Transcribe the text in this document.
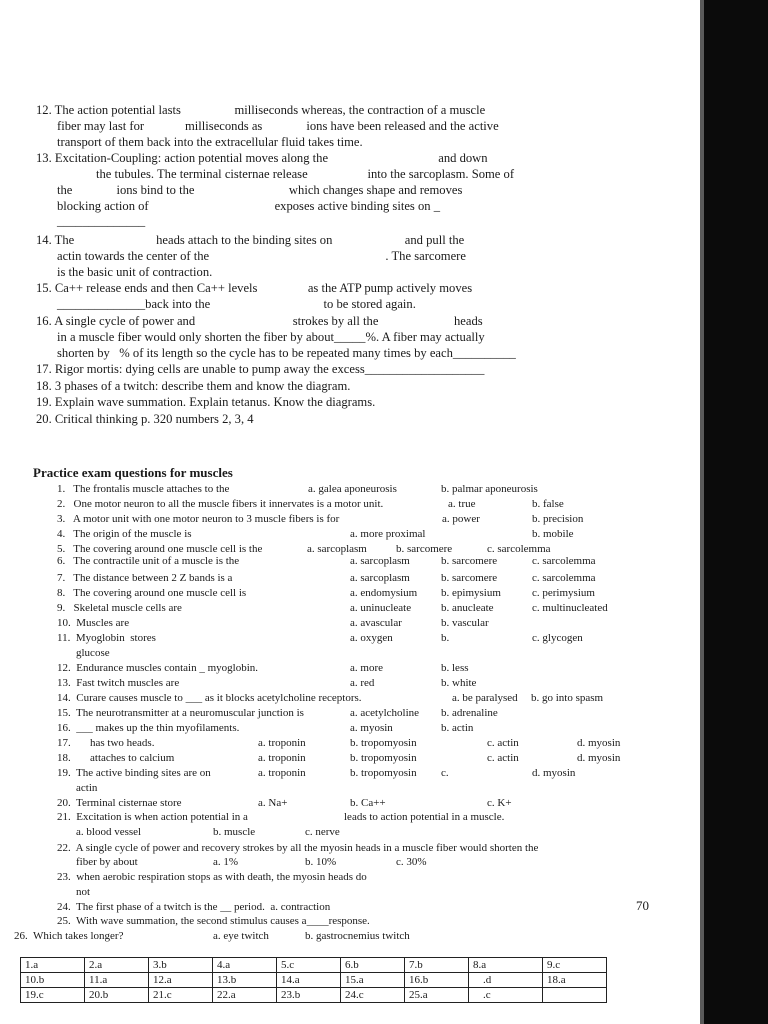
12. The action potential lasts                 milliseconds whereas, the contraction of a muscle
fiber may last for             milliseconds as              ions have been released and the active
transport of them back into the extracellular fluid takes time.
13. Excitation-Coupling: action potential moves along the                                   and down
the tubules. The terminal cisternae release                   into the sarcoplasm. Some of
the              ions bind to the                              which changes shape and removes
blocking action of                                        exposes active binding sites on _
______________
14. The                          heads attach to the binding sites on                       and pull the
actin towards the center of the                                                        . The sarcomere
is the basic unit of contraction.
15. Ca++ release ends and then Ca++ levels                as the ATP pump actively moves
______________back into the                                    to be stored again.
16. A single cycle of power and                               strokes by all the                        heads
in a muscle fiber would only shorten the fiber by about_____%. A fiber may actually
shorten by   % of its length so the cycle has to be repeated many times by each__________
17. Rigor mortis: dying cells are unable to pump away the excess___________________
18. 3 phases of a twitch: describe them and know the diagram.
19. Explain wave summation. Explain tetanus. Know the diagrams.
20. Critical thinking p. 320 numbers 2, 3, 4
Practice exam questions for muscles
1.   The frontalis muscle attaches to the	a. galea aponeurosis	b. palmar aponeurosis
2.   One motor neuron to all the muscle fibers it innervates is a motor unit.	a. true	b. false
3.   A motor unit with one motor neuron to 3 muscle fibers is for	a. power	b. precision
4.   The origin of the muscle is	a. more proximal	b. mobile
5.   The covering around one muscle cell is the	a. sarcoplasm	b. sarcomere	c. sarcolemma
6.   The contractile unit of a muscle is the	a. sarcoplasm	b. sarcomere	c. sarcolemma
7.   The distance between 2 Z bands is a	a. sarcoplasm	b. sarcomere	c. sarcolemma
8.   The covering around one muscle cell is	a. endomysium b. epimysium	c. perimysium
9.   Skeletal muscle cells are	a. uninucleate	b. anucleate	c. multinucleated
10.  Muscles are	a. avascular	b. vascular
11.  Myoglobin  stores	a. oxygen	b.	c. glycogen
glucose
12.  Endurance muscles contain _ myoglobin.	a. more	b. less
13.  Fast twitch muscles are	a. red	b. white
14.  Curare causes muscle to ___ as it blocks acetylcholine receptors.	a. be paralysed b. go into spasm
15.  The neurotransmitter at a neuromuscular junction is	a. acetylcholine b. adrenaline
16.  ___ makes up the thin myofilaments.	a. myosin	b. actin
17.       has two heads.	a. troponin	b. tropomyosin	c. actin	d. myosin
18.       attaches to calcium	a. troponin	b. tropomyosin	c. actin	d. myosin
19.  The active binding sites are on	a. troponin	b. tropomyosin c.	d. myosin
actin
20.  Terminal cisternae store	a. Na+	b. Ca++	c. K+
21.  Excitation is when action potential in a	leads to action potential in a muscle.
a. blood vessel	b. muscle	c. nerve
22.  A single cycle of power and recovery strokes by all the myosin heads in a muscle fiber would shorten the
fiber by about	a. 1%	b. 10%	c. 30%
23.  when aerobic respiration stops as with death, the myosin heads do
not
24.  The first phase of a twitch is the __ period.  a. contraction
25.  With wave summation, the second stimulus causes a____response.
26.  Which takes longer?	a. eye twitch	b. gastrocnemius twitch
70
1.a	2.a	3.b	4.a	5.c	6.b	7.b	8.a	9.c
10.b	11.a	12.a	13.b	14.a	15.a	16.b	.d	18.a
19.c	20.b	21.c	22.a	23.b	24.c	25.a	.c	
